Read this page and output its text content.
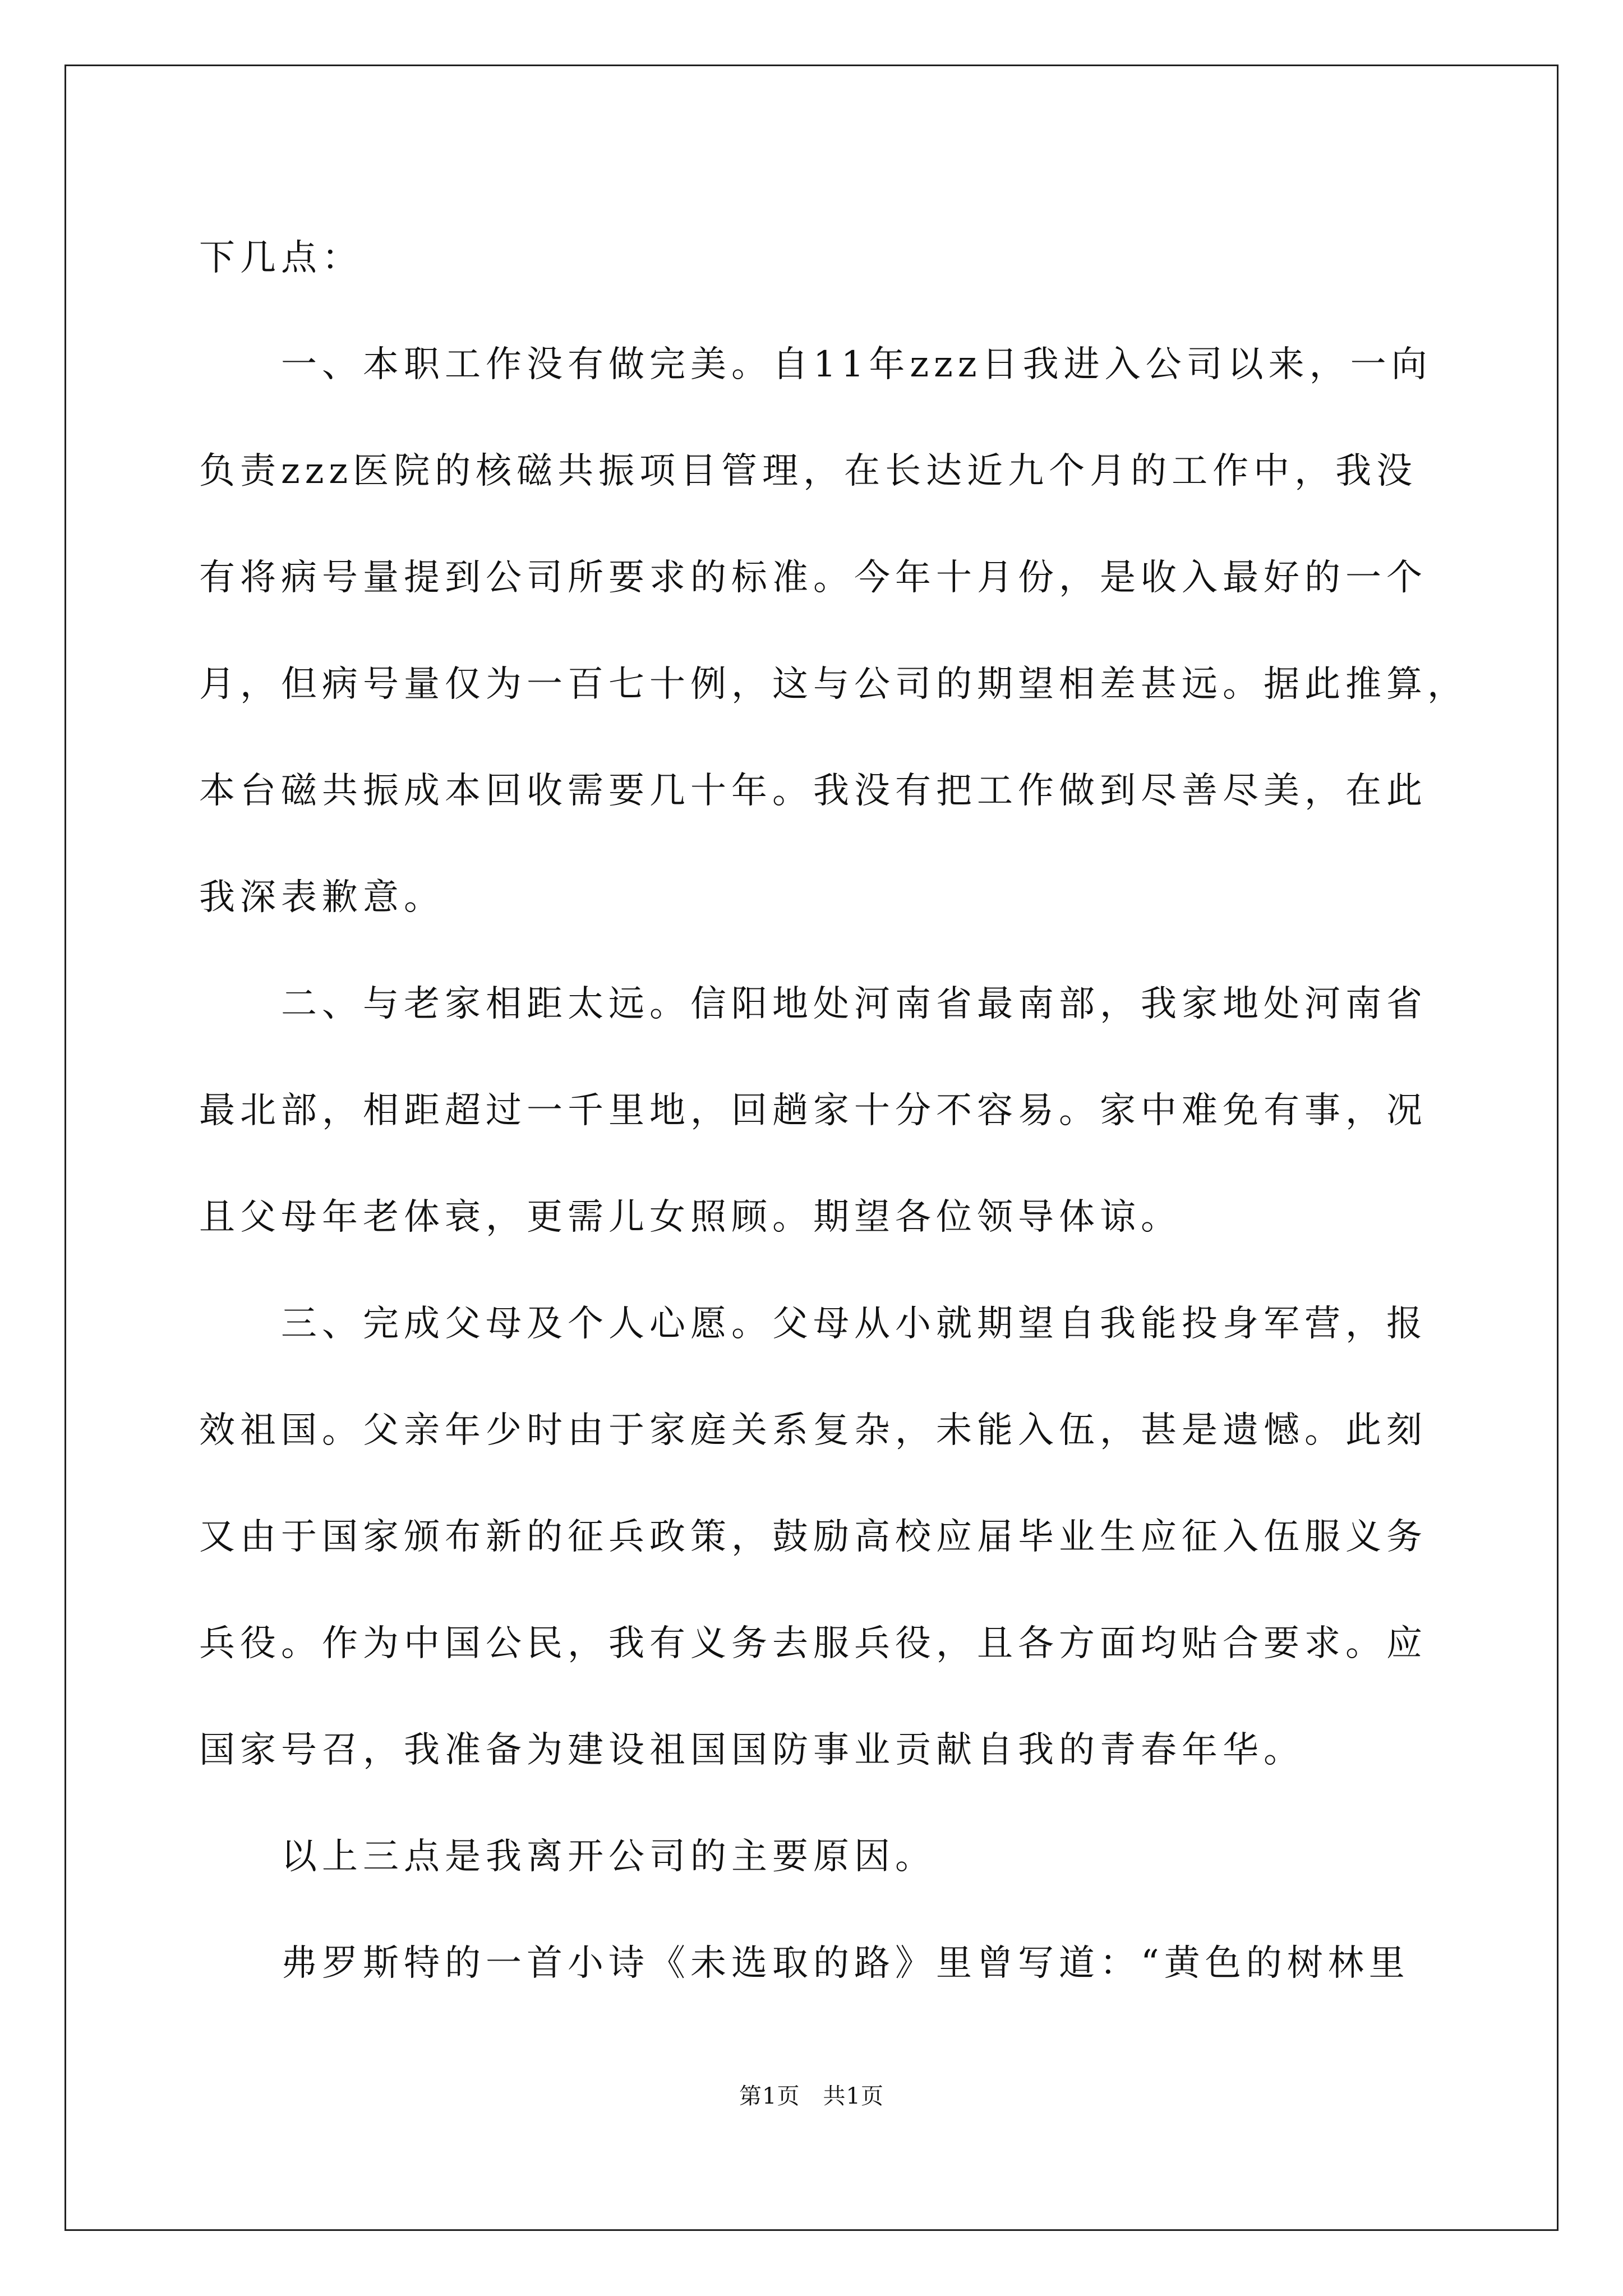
下几点：
一、本职工作没有做完美。自11年zzz日我进入公司以来，一向
负责zzz医院的核磁共振项目管理，在长达近九个月的工作中，我没
有将病号量提到公司所要求的标准。今年十月份，是收入最好的一个
月，但病号量仅为一百七十例，这与公司的期望相差甚远。据此推算，
本台磁共振成本回收需要几十年。我没有把工作做到尽善尽美，在此
我深表歉意。
二、与老家相距太远。信阳地处河南省最南部，我家地处河南省
最北部，相距超过一千里地，回趟家十分不容易。家中难免有事，况
且父母年老体衰，更需儿女照顾。期望各位领导体谅。
三、完成父母及个人心愿。父母从小就期望自我能投身军营，报
效祖国。父亲年少时由于家庭关系复杂，未能入伍，甚是遗憾。此刻
又由于国家颁布新的征兵政策，鼓励高校应届毕业生应征入伍服义务
兵役。作为中国公民，我有义务去服兵役，且各方面均贴合要求。应
国家号召，我准备为建设祖国国防事业贡献自我的青春年华。
以上三点是我离开公司的主要原因。
弗罗斯特的一首小诗《未选取的路》里曾写道：“黄色的树林里
第1页　共1页
